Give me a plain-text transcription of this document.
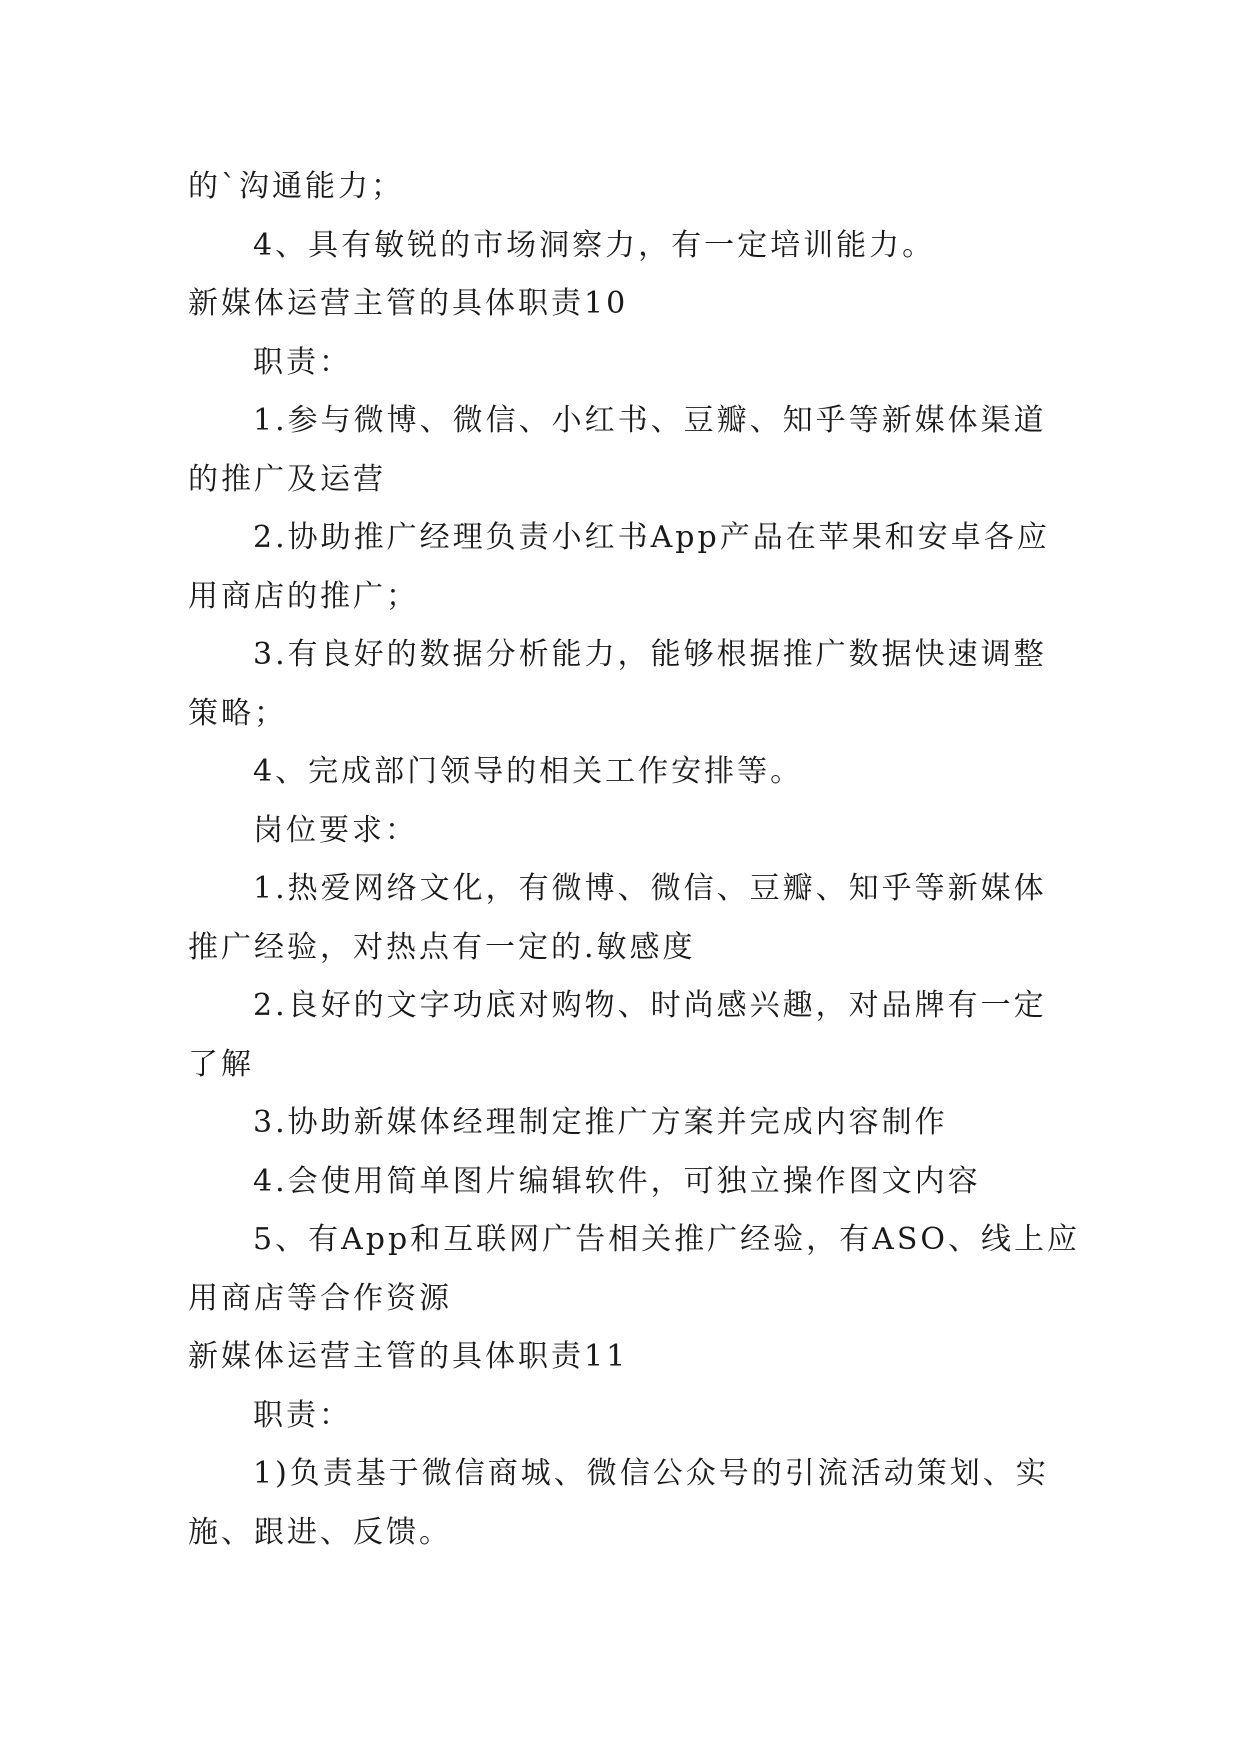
的`沟通能力；

4、具有敏锐的市场洞察力，有一定培训能力。

新媒体运营主管的具体职责10

职责：

1.参与微博、微信、小红书、豆瓣、知乎等新媒体渠道

的推广及运营

2.协助推广经理负责小红书App产品在苹果和安卓各应

用商店的推广；

3.有良好的数据分析能力，能够根据推广数据快速调整

策略；

4、完成部门领导的相关工作安排等。

岗位要求：

1.热爱网络文化，有微博、微信、豆瓣、知乎等新媒体

推广经验，对热点有一定的.敏感度

2.良好的文字功底对购物、时尚感兴趣，对品牌有一定

了解

3.协助新媒体经理制定推广方案并完成内容制作

4.会使用简单图片编辑软件，可独立操作图文内容

5、有App和互联网广告相关推广经验，有ASO、线上应

用商店等合作资源

新媒体运营主管的具体职责11

职责：

1)负责基于微信商城、微信公众号的引流活动策划、实

施、跟进、反馈。
